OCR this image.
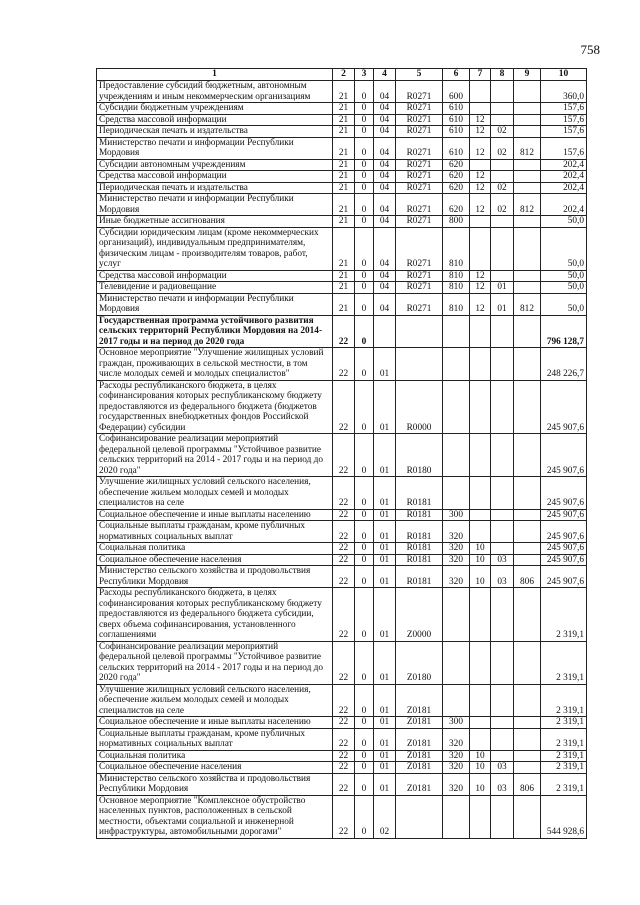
758
1	2	3	4	5	6	7	8	9	10
Предоставление субсидий бюджетным, автономным учреждениям и иным некоммерческим организациям	21	0	04	R0271	600				360,0
Субсидии бюджетным учреждениям	21	0	04	R0271	610				157,6
Средства массовой информации	21	0	04	R0271	610	12			157,6
Периодическая печать и издательства	21	0	04	R0271	610	12	02		157,6
Министерство печати и информации Республики Мордовия	21	0	04	R0271	610	12	02	812	157,6
Субсидии автономным учреждениям	21	0	04	R0271	620				202,4
Средства массовой информации	21	0	04	R0271	620	12			202,4
Периодическая печать и издательства	21	0	04	R0271	620	12	02		202,4
Министерство печати и информации Республики Мордовия	21	0	04	R0271	620	12	02	812	202,4
Иные бюджетные ассигнования	21	0	04	R0271	800				50,0
Субсидии юридическим лицам (кроме некоммерческих организаций), индивидуальным предпринимателям, физическим лицам - производителям товаров, работ, услуг	21	0	04	R0271	810				50,0
Средства массовой информации	21	0	04	R0271	810	12			50,0
Телевидение и радиовещание	21	0	04	R0271	810	12	01		50,0
Министерство печати и информации Республики Мордовия	21	0	04	R0271	810	12	01	812	50,0
Государственная программа устойчивого развития сельских территорий Республики Мордовия на 2014-2017 годы и на период до 2020 года	22	0							796 128,7
Основное мероприятие "Улучшение жилищных условий граждан, проживающих в сельской местности, в том числе молодых семей и молодых специалистов"	22	0	01						248 226,7
Расходы республиканского бюджета, в целях софинансирования которых республиканскому бюджету предоставляются из федерального бюджета (бюджетов государственных внебюджетных фондов Российской Федерации) субсидии	22	0	01	R0000					245 907,6
Софинансирование реализации мероприятий федеральной целевой программы "Устойчивое развитие сельских территорий на 2014 - 2017 годы и на период до 2020 года"	22	0	01	R0180					245 907,6
Улучшение жилищных условий сельского населения, обеспечение жильем молодых семей и молодых специалистов на селе	22	0	01	R0181					245 907,6
Социальное обеспечение и иные выплаты населению	22	0	01	R0181	300				245 907,6
Социальные выплаты гражданам, кроме публичных нормативных социальных выплат	22	0	01	R0181	320				245 907,6
Социальная политика	22	0	01	R0181	320	10			245 907,6
Социальное обеспечение населения	22	0	01	R0181	320	10	03		245 907,6
Министерство сельского хозяйства и продовольствия Республики Мордовия	22	0	01	R0181	320	10	03	806	245 907,6
Расходы республиканского бюджета, в целях софинансирования которых республиканскому бюджету предоставляются из федерального бюджета субсидии, сверх объема софинансирования, установленного соглашениями	22	0	01	Z0000					2 319,1
Софинансирование реализации мероприятий федеральной целевой программы "Устойчивое развитие сельских территорий на 2014 - 2017 годы и на период до 2020 года"	22	0	01	Z0180					2 319,1
Улучшение жилищных условий сельского населения, обеспечение жильем молодых семей и молодых специалистов на селе	22	0	01	Z0181					2 319,1
Социальное обеспечение и иные выплаты населению	22	0	01	Z0181	300				2 319,1
Социальные выплаты гражданам, кроме публичных нормативных социальных выплат	22	0	01	Z0181	320				2 319,1
Социальная политика	22	0	01	Z0181	320	10			2 319,1
Социальное обеспечение населения	22	0	01	Z0181	320	10	03		2 319,1
Министерство сельского хозяйства и продовольствия Республики Мордовия	22	0	01	Z0181	320	10	03	806	2 319,1
Основное мероприятие "Комплексное обустройство населенных пунктов, расположенных в сельской местности, объектами социальной и инженерной инфраструктуры, автомобильными дорогами"	22	0	02						544 928,6
